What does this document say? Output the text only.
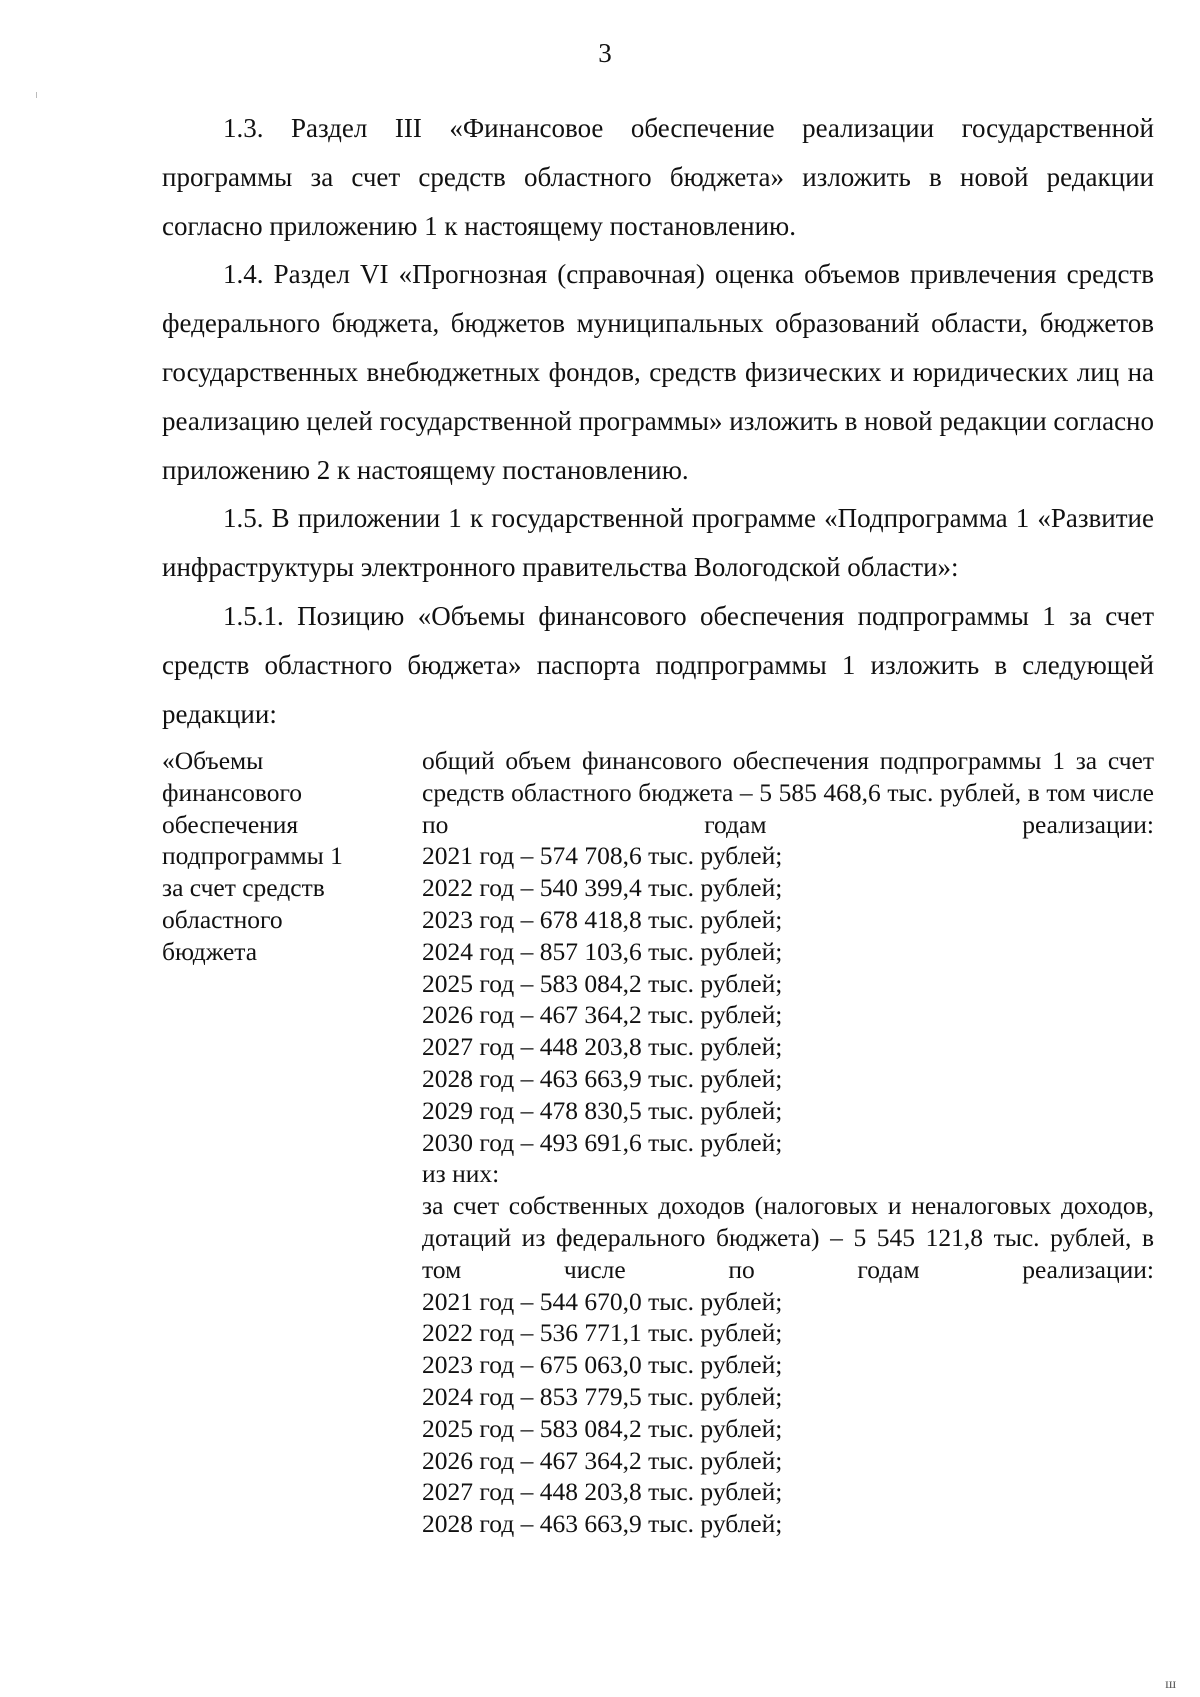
3

1.3. Раздел III «Финансовое обеспечение реализации государственной программы за счет средств областного бюджета» изложить в новой редакции согласно приложению 1 к настоящему постановлению.

1.4. Раздел VI «Прогнозная (справочная) оценка объемов привлечения средств федерального бюджета, бюджетов муниципальных образований области, бюджетов государственных внебюджетных фондов, средств физических и юридических лиц на реализацию целей государственной программы» изложить в новой редакции согласно приложению 2 к настоящему постановлению.

1.5. В приложении 1 к государственной программе «Подпрограмма 1 «Развитие инфраструктуры электронного правительства Вологодской области»:

1.5.1. Позицию «Объемы финансового обеспечения подпрограммы 1 за счет средств областного бюджета» паспорта подпрограммы 1 изложить в следующей редакции:

«Объемы
финансового
обеспечения
подпрограммы 1
за счет средств
областного
бюджета
общий объем финансового обеспечения подпрограммы 1 за счет средств областного бюджета – 5 585 468,6 тыс. рублей, в том числе по годам реализации:
2021 год – 574 708,6 тыс. рублей;
2022 год – 540 399,4 тыс. рублей;
2023 год – 678 418,8 тыс. рублей;
2024 год – 857 103,6 тыс. рублей;
2025 год – 583 084,2 тыс. рублей;
2026 год – 467 364,2 тыс. рублей;
2027 год – 448 203,8 тыс. рублей;
2028 год – 463 663,9 тыс. рублей;
2029 год – 478 830,5 тыс. рублей;
2030 год – 493 691,6 тыс. рублей;
из них:
за счет собственных доходов (налоговых и неналоговых доходов, дотаций из федерального бюджета) – 5 545 121,8 тыс. рублей, в том числе по годам реализации:
2021 год – 544 670,0 тыс. рублей;
2022 год – 536 771,1 тыс. рублей;
2023 год – 675 063,0 тыс. рублей;
2024 год – 853 779,5 тыс. рублей;
2025 год – 583 084,2 тыс. рублей;
2026 год – 467 364,2 тыс. рублей;
2027 год – 448 203,8 тыс. рублей;
2028 год – 463 663,9 тыс. рублей;
ш
